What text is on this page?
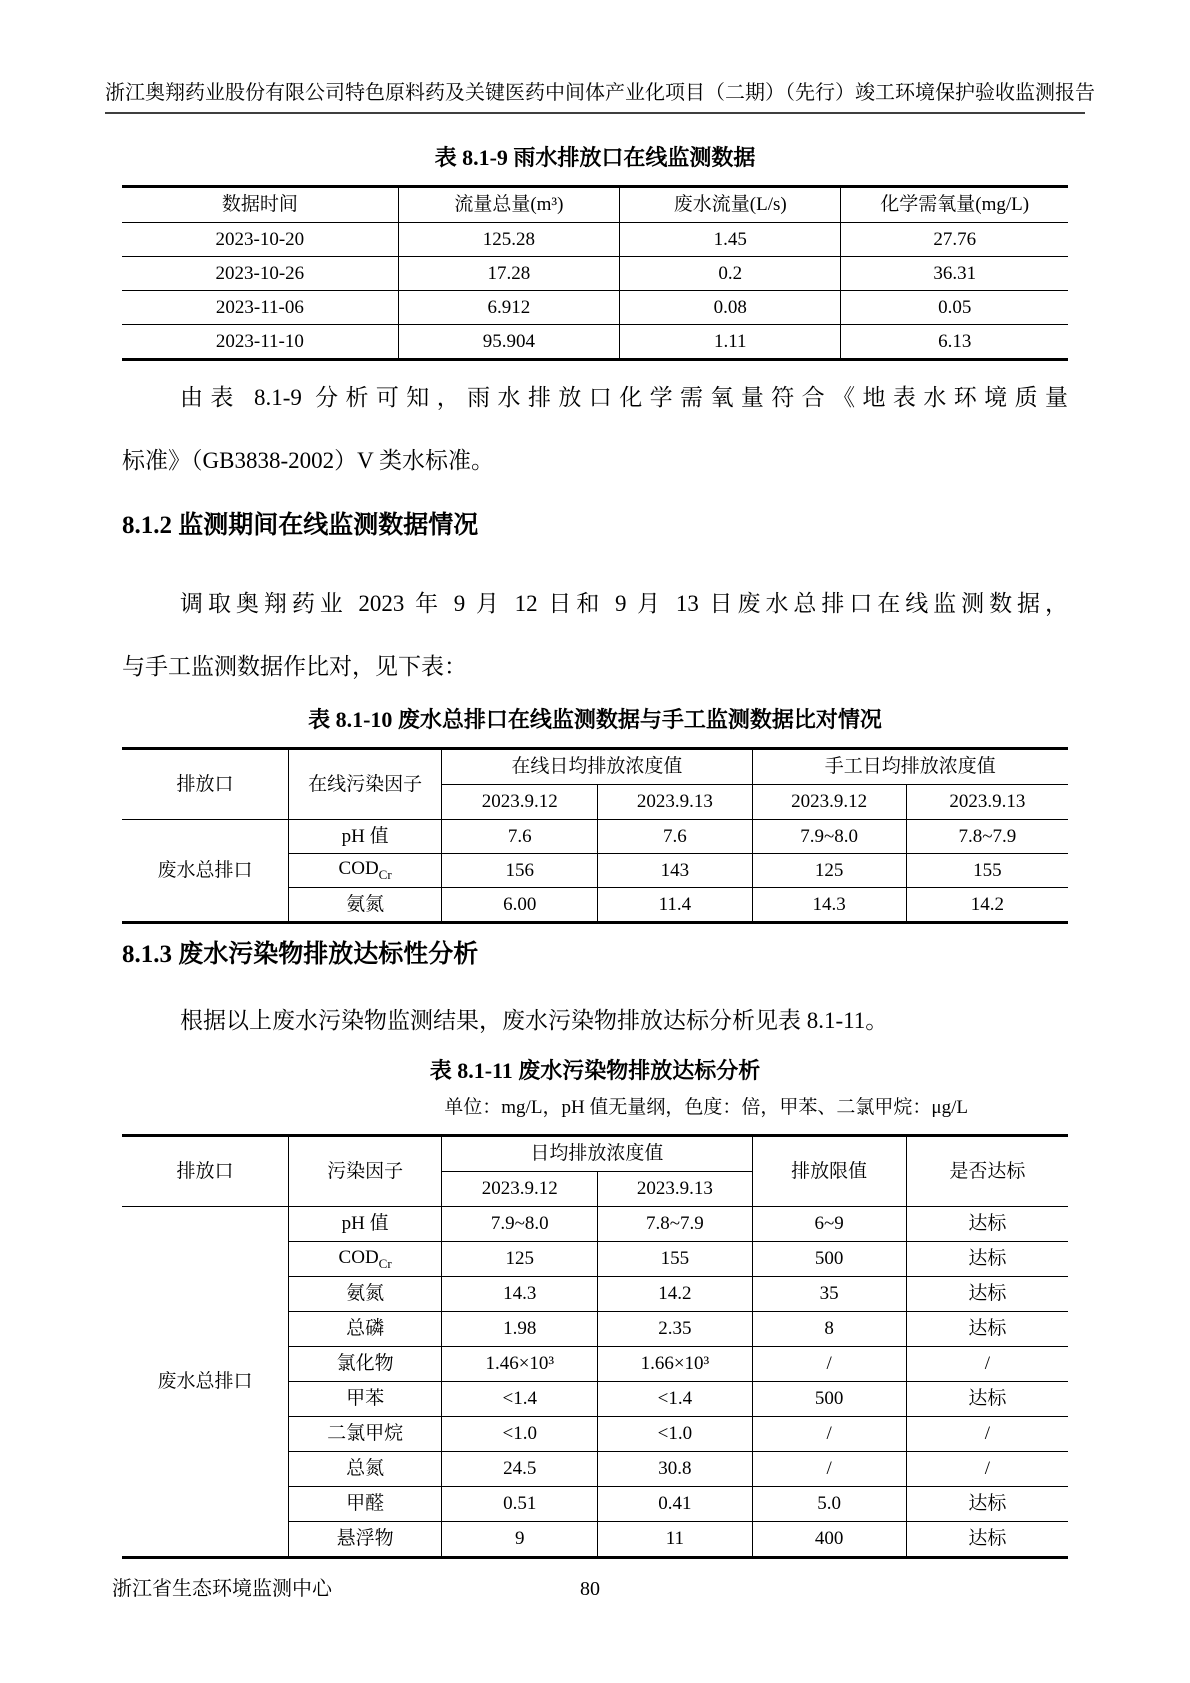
浙江奥翔药业股份有限公司特色原料药及关键医药中间体产业化项目（二期）（先行）竣工环境保护验收监测报告
表 8.1-9 雨水排放口在线监测数据
数据时间	流量总量(m³)	废水流量(L/s)	化学需氧量(mg/L)
2023-10-20	125.28	1.45	27.76
2023-10-26	17.28	0.2	36.31
2023-11-06	6.912	0.08	0.05
2023-11-10	95.904	1.11	6.13
由表 8.1-9 分析可知，雨水排放口化学需氧量符合《地表水环境质量
标准》（GB3838-2002）V 类水标准。
8.1.2 监测期间在线监测数据情况
调取奥翔药业 2023 年 9 月 12 日和 9 月 13 日废水总排口在线监测数据，
与手工监测数据作比对，见下表：
表 8.1-10 废水总排口在线监测数据与手工监测数据比对情况
排放口	在线污染因子	在线日均排放浓度值		手工日均排放浓度值	
		2023.9.12	2023.9.13	2023.9.12	2023.9.13
废水总排口	pH 值	7.6	7.6	7.9~8.0	7.8~7.9
	$COD_{Cr}$	156	143	125	155
	氨氮	6.00	11.4	14.3	14.2
8.1.3 废水污染物排放达标性分析
根据以上废水污染物监测结果，废水污染物排放达标分析见表 8.1-11。
表 8.1-11 废水污染物排放达标分析
单位：mg/L，pH 值无量纲，色度：倍，甲苯、二氯甲烷：μg/L
排放口	污染因子	日均排放浓度值		排放限值	是否达标
		2023.9.12	2023.9.13		
废水总排口	pH 值	7.9~8.0	7.8~7.9	6~9	达标
	$COD_{Cr}$	125	155	500	达标
	氨氮	14.3	14.2	35	达标
	总磷	1.98	2.35	8	达标
	氯化物	1.46×10³	1.66×10³	/	/
	甲苯	<1.4	<1.4	500	达标
	二氯甲烷	<1.0	<1.0	/	/
	总氮	24.5	30.8	/	/
	甲醛	0.51	0.41	5.0	达标
	悬浮物	9	11	400	达标
浙江省生态环境监测中心	80
